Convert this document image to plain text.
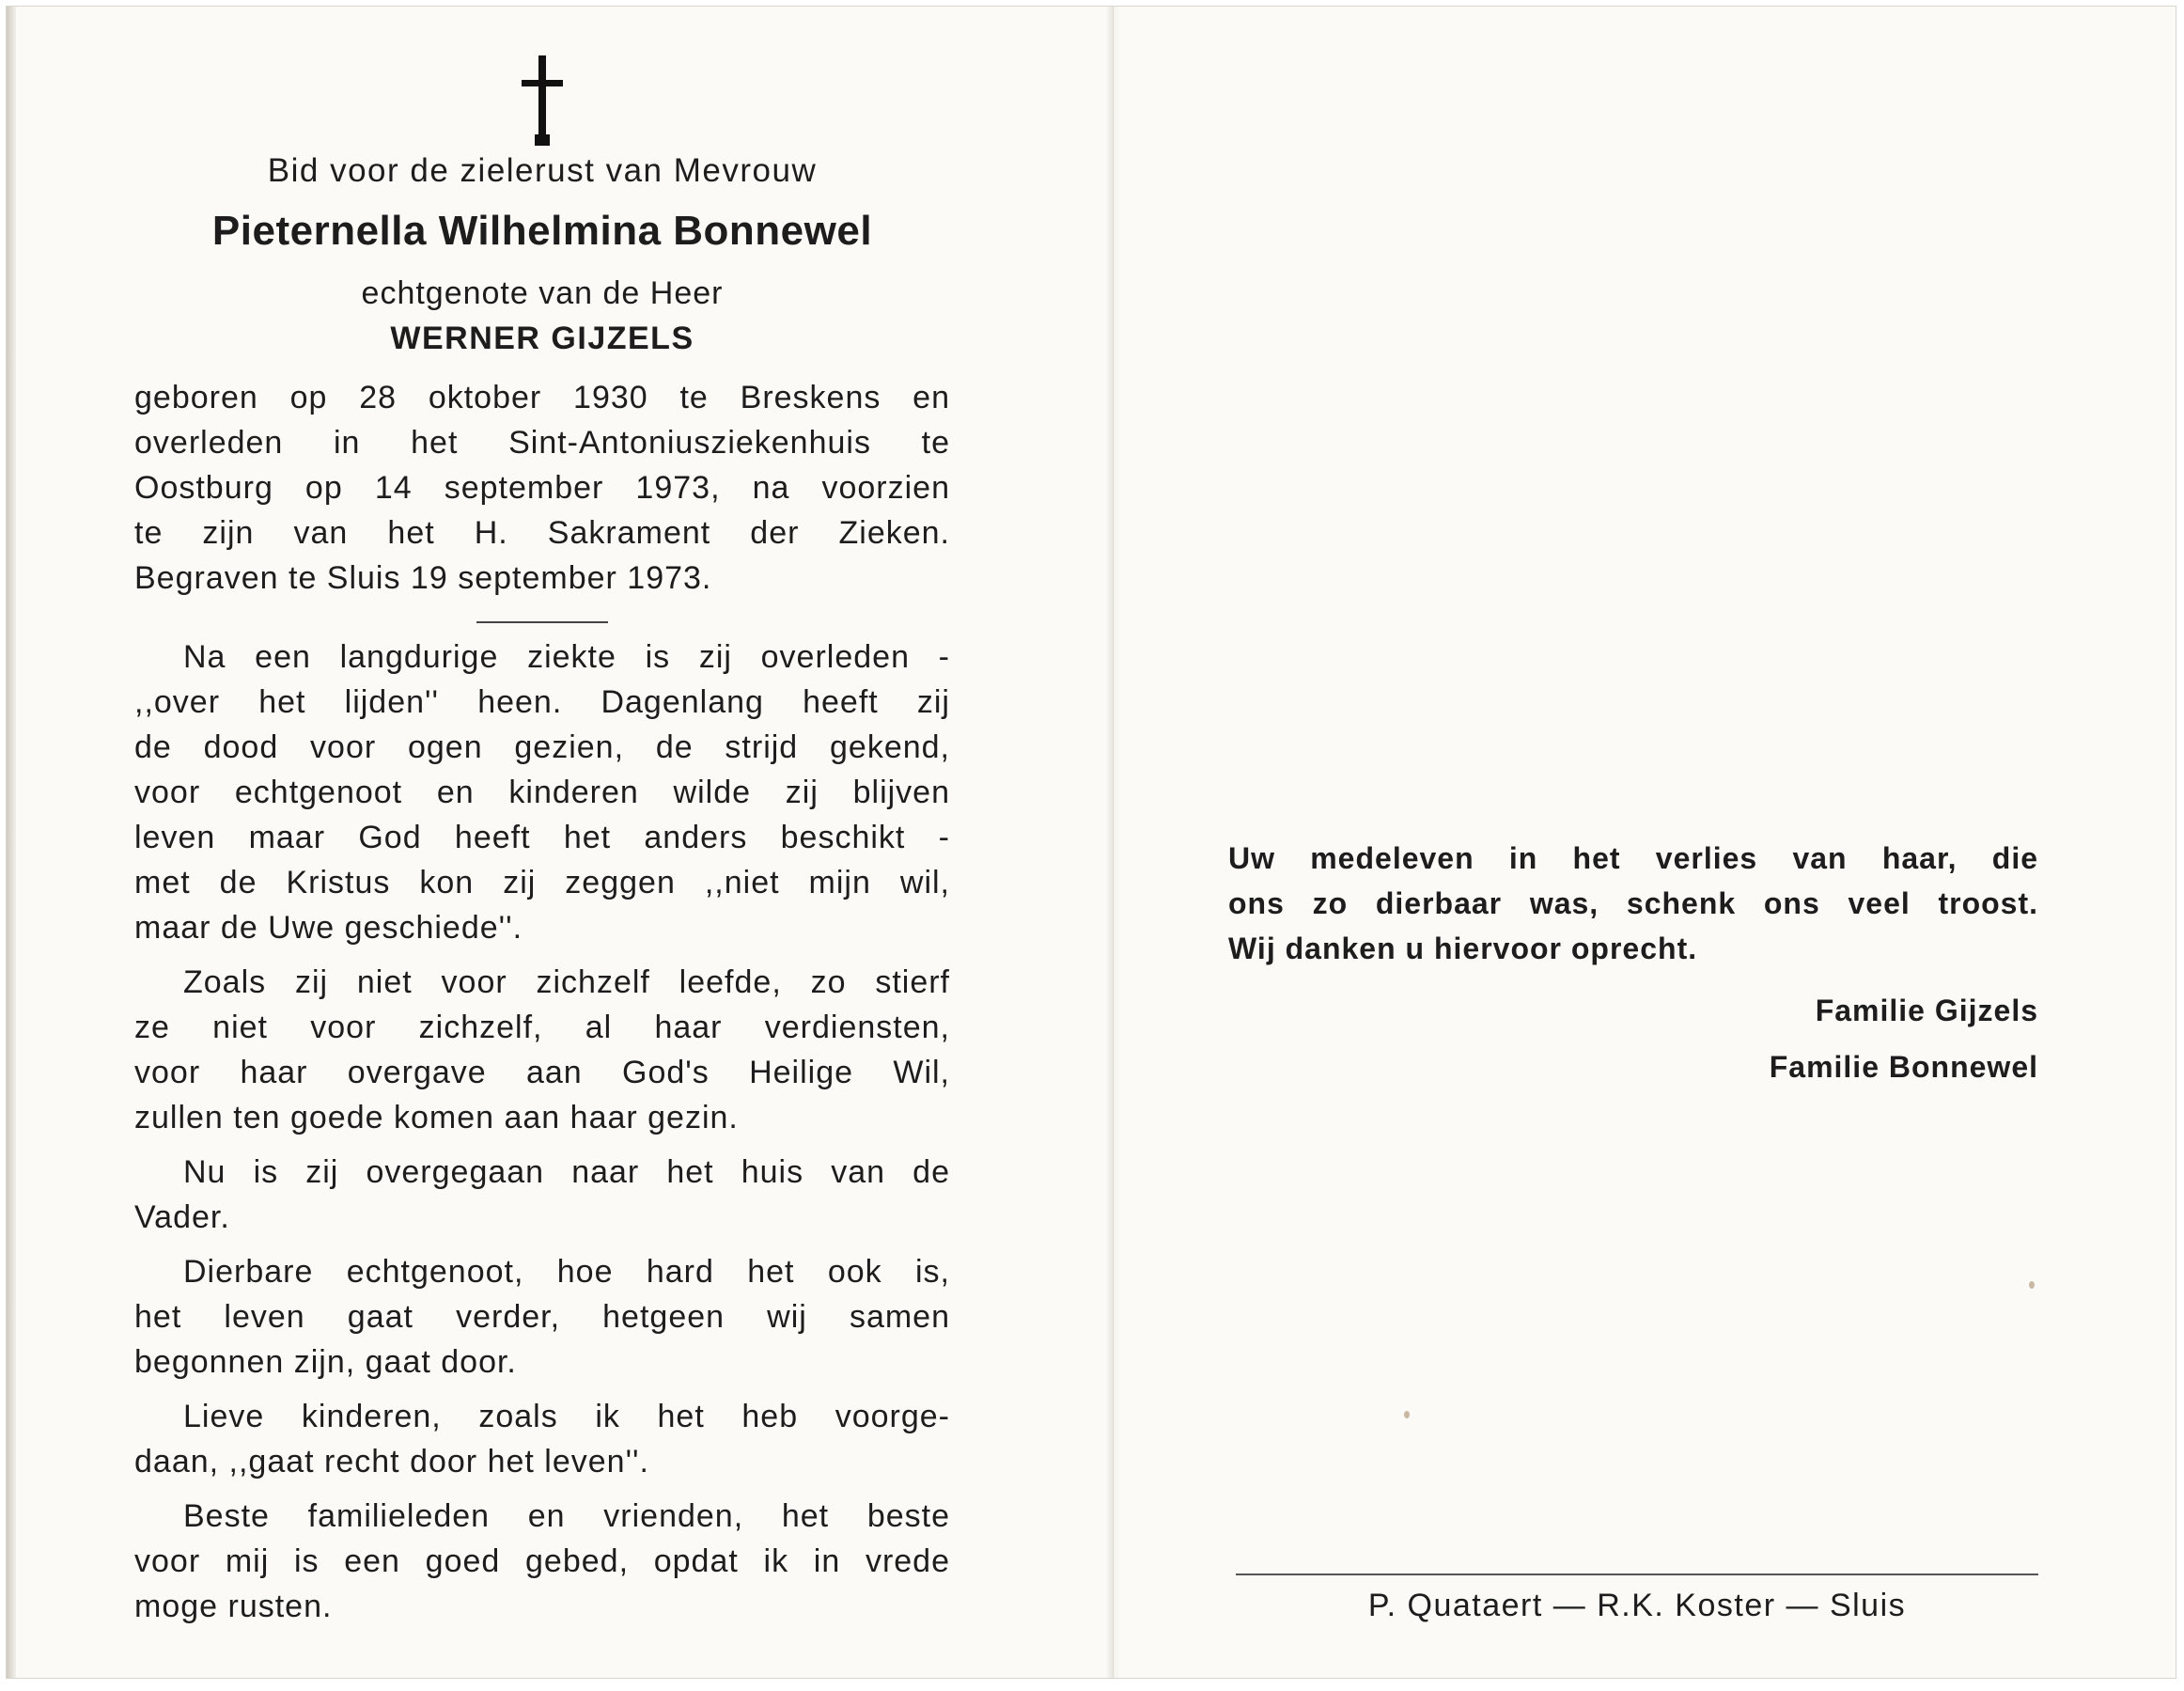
Bid voor de zielerust van Mevrouw
Pieternella Wilhelmina Bonnewel
echtgenote van de Heer
WERNER GIJZELS
geboren op 28 oktober 1930 te Breskens en
overleden in het Sint-Antoniusziekenhuis te
Oostburg op 14 september 1973, na voorzien
te zijn van het H. Sakrament der Zieken.
Begraven te Sluis 19 september 1973.
Na een langdurige ziekte is zij overleden -
,,over het lijden'' heen. Dagenlang heeft zij
de dood voor ogen gezien, de strijd gekend,
voor echtgenoot en kinderen wilde zij blijven
leven maar God heeft het anders beschikt -
met de Kristus kon zij zeggen ,,niet mijn wil,
maar de Uwe geschiede''.
Zoals zij niet voor zichzelf leefde, zo stierf
ze niet voor zichzelf, al haar verdiensten,
voor haar overgave aan God's Heilige Wil,
zullen ten goede komen aan haar gezin.
Nu is zij overgegaan naar het huis van de
Vader.
Dierbare echtgenoot, hoe hard het ook is,
het leven gaat verder, hetgeen wij samen
begonnen zijn, gaat door.
Lieve kinderen, zoals ik het heb voorge-
daan, ,,gaat recht door het leven''.
Beste familieleden en vrienden, het beste
voor mij is een goed gebed, opdat ik in vrede
moge rusten.
Uw medeleven in het verlies van haar, die
ons zo dierbaar was, schenk ons veel troost.
Wij danken u hiervoor oprecht.
Familie Gijzels
Familie Bonnewel
P. Quataert — R.K. Koster — Sluis
